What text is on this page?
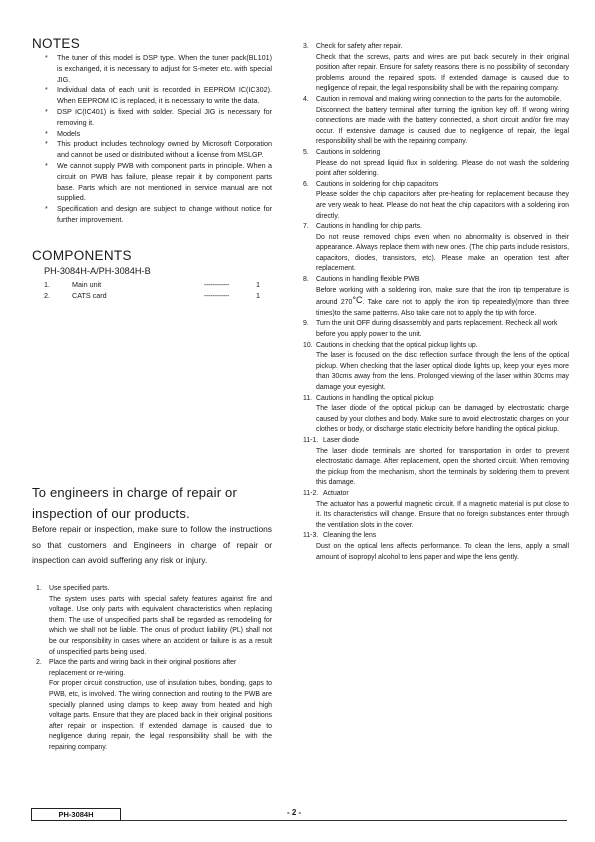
NOTES
* The tuner of this model is DSP type. When the tuner pack(BL101) is exchanged, it is necessary to adjust for S-meter etc. with special JIG.
* Individual data of each unit is recorded in EEPROM IC(IC302). When EEPROM IC is replaced, it is necessary to write the data.
* DSP IC(IC401) is fixed with solder. Special JIG is necessary for removing it.
* Models
* This product includes technology owned by Microsoft Corporation and cannot be used or distributed without a license from MSLGP.
* We cannot supply PWB with component parts in principle. When a circuit on PWB has failure, please repair it by component parts base. Parts which are not mentioned in service manual are not supplied.
* Specification and design are subject to change without notice for further improvement.
COMPONENTS
PH-3084H-A/PH-3084H-B
1.	Main unit	------------	1
2.	CATS card	------------	1
To engineers in charge of repair or inspection of our products.
Before repair or inspection, make sure to follow the instructions so that customers and Engineers in charge of repair or inspection can avoid suffering any risk or injury.
1.	Use specified parts.
The system uses parts with special safety features against fire and voltage. Use only parts with equivalent characteristics when replacing them. The use of unspecified parts shall be regarded as remodeling for which we shall not be liable. The onus of product liability (PL) shall not be our responsibility in cases where an accident or failure is as a result of unspecified parts being used.
2.	Place the parts and wiring back in their original positions after replacement or re-wiring.
For proper circuit construction, use of insulation tubes, bonding, gaps to PWB, etc, is involved. The wiring connection and routing to the PWB are specially planned using clamps to keep away from heated and high voltage parts. Ensure that they are placed back in their original positions after repair or inspection. If extended damage is caused due to negligence during repair, the legal responsibility shall be with the repairing company.
3.	Check for safety after repair.
Check that the screws, parts and wires are put back securely in their original position after repair. Ensure for safety reasons there is no possibility of secondary problems around the repaired spots. If extended damage is caused due to negligence of repair, the legal responsibility shall be with the repairing company.
4.	Caution in removal and making wiring connection to the parts for the automobile.
Disconnect the battery terminal after turning the ignition key off. If wrong wiring connections are made with the battery connected, a short circuit and/or fire may occur. If extensive damage is caused due to negligence of repair, the legal responsibility shall be with the repairing company.
5.	Cautions in soldering
Please do not spread liquid flux in soldering. Please do not wash the soldering point after soldering.
6.	Cautions in soldering for chip capacitors
Please solder the chip capacitors after pre-heating for replacement because they are very weak to heat. Please do not heat the chip capacitors with a soldering iron directly.
7.	Cautions in handling for chip parts.
Do not reuse removed chips even when no abnormality is observed in their appearance. Always replace them with new ones. (The chip parts include resistors, capacitors, diodes, transistors, etc). Please make an operation test after replacement.
8.	Cautions in handling flexible PWB
Before working with a soldering iron, make sure that the iron tip temperature is around 270°C. Take care not to apply the iron tip repeatedly(more than three times)to the same patterns. Also take care not to apply the tip with force.
9.	Turn the unit OFF during disassembly and parts replacement. Recheck all work before you apply power to the unit.
10. Cautions in checking that the optical pickup lights up.
The laser is focused on the disc reflection surface through the lens of the optical pickup. When checking that the laser optical diode lights up, keep your eyes more than 30cms away from the lens. Prolonged viewing of the laser within 30cms may damage your eyesight.
11. Cautions in handling the optical pickup
The laser diode of the optical pickup can be damaged by electrostatic charge caused by your clothes and body. Make sure to avoid electrostatic charges on your clothes or body, or discharge static electricity before handling the optical pickup.
11-1. Laser diode
The laser diode terminals are shorted for transportation in order to prevent electrostatic damage. After replacement, open the shorted circuit. When removing the pickup from the mechanism, short the terminals by soldering them to prevent this damage.
11-2. Actuator
The actuator has a powerful magnetic circuit. If a magnetic material is put close to it. Its characteristics will change. Ensure that no foreign substances enter through the ventilation slots in the cover.
11-3. Cleaning the lens
Dust on the optical lens affects performance. To clean the lens, apply a small amount of isopropyl alcohol to lens paper and wipe the lens gently.
PH-3084H	- 2 -
